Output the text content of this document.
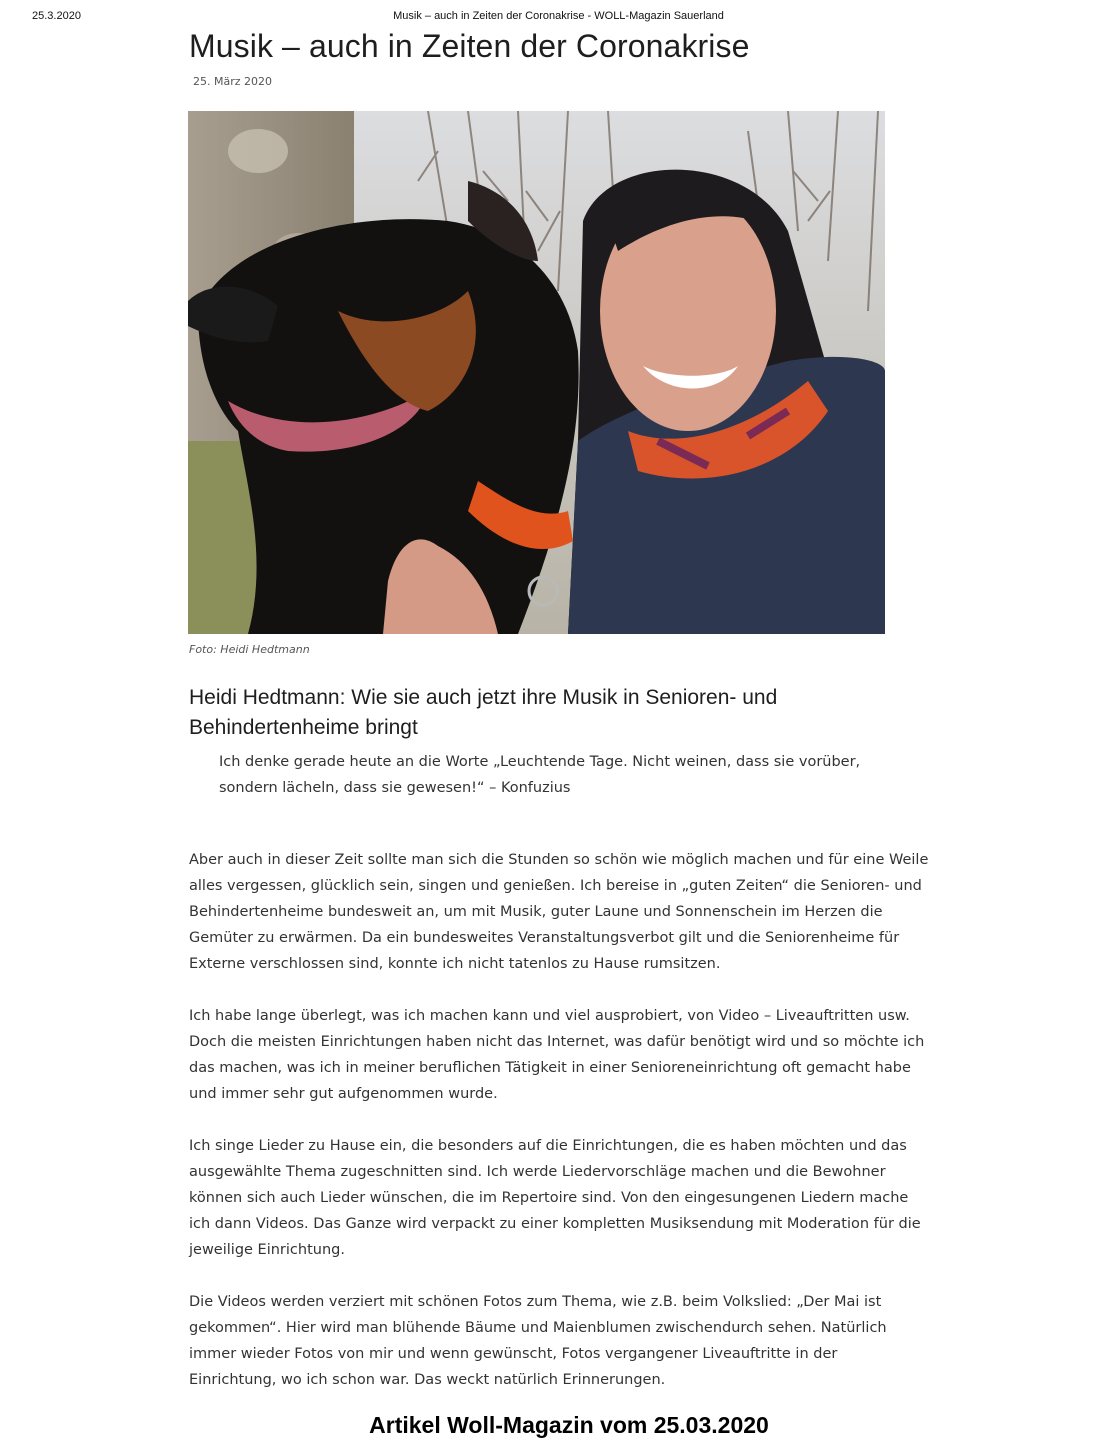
25.3.2020	Musik – auch in Zeiten der Coronakrise - WOLL-Magazin Sauerland
Musik – auch in Zeiten der Coronakrise
25. März 2020
Foto: Heidi Hedtmann
Heidi Hedtmann: Wie sie auch jetzt ihre Musik in Senioren- und Behindertenheime bringt
Ich denke gerade heute an die Worte „Leuchtende Tage. Nicht weinen, dass sie vorüber, sondern lächeln, dass sie gewesen!“ – Konfuzius

Aber auch in dieser Zeit sollte man sich die Stunden so schön wie möglich machen und für eine Weile alles vergessen, glücklich sein, singen und genießen. Ich bereise in „guten Zeiten“ die Senioren- und Behindertenheime bundesweit an, um mit Musik, guter Laune und Sonnenschein im Herzen die Gemüter zu erwärmen. Da ein bundesweites Veranstaltungsverbot gilt und die Seniorenheime für Externe verschlossen sind, konnte ich nicht tatenlos zu Hause rumsitzen.

Ich habe lange überlegt, was ich machen kann und viel ausprobiert, von Video – Liveauftritten usw. Doch die meisten Einrichtungen haben nicht das Internet, was dafür benötigt wird und so möchte ich das machen, was ich in meiner beruflichen Tätigkeit in einer Senioreneinrichtung oft gemacht habe und immer sehr gut aufgenommen wurde.

Ich singe Lieder zu Hause ein, die besonders auf die Einrichtungen, die es haben möchten und das ausgewählte Thema zugeschnitten sind. Ich werde Liedervorschläge machen und die Bewohner können sich auch Lieder wünschen, die im Repertoire sind. Von den eingesungenen Liedern mache ich dann Videos. Das Ganze wird verpackt zu einer kompletten Musiksendung mit Moderation für die jeweilige Einrichtung.

Die Videos werden verziert mit schönen Fotos zum Thema, wie z.B. beim Volkslied: „Der Mai ist gekommen“. Hier wird man blühende Bäume und Maienblumen zwischendurch sehen. Natürlich immer wieder Fotos von mir und wenn gewünscht, Fotos vergangener Liveauftritte in der Einrichtung, wo ich schon war. Das weckt natürlich Erinnerungen.

Artikel Woll-Magazin vom 25.03.2020
